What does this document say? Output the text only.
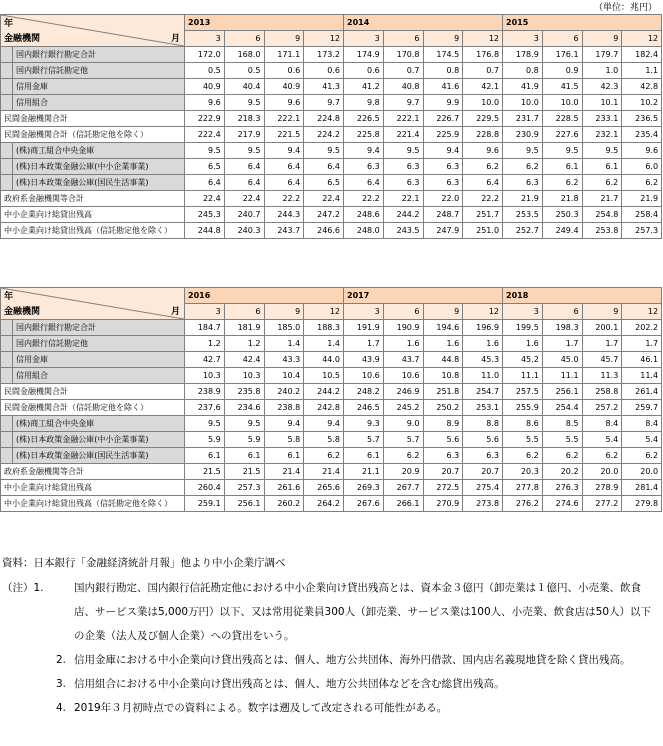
（単位：兆円）
年
金融機関 月		2013				2014				2015			
		3	6	9	12	3	6	9	12	3	6	9	12
	国内銀行銀行勘定合計	172.0	168.0	171.1	173.2	174.9	170.8	174.5	176.8	178.9	176.1	179.7	182.4
	国内銀行信託勘定他	0.5	0.5	0.6	0.6	0.6	0.7	0.8	0.7	0.8	0.9	1.0	1.1
	信用金庫	40.9	40.4	40.9	41.3	41.2	40.8	41.6	42.1	41.9	41.5	42.3	42.8
	信用組合	9.6	9.5	9.6	9.7	9.8	9.7	9.9	10.0	10.0	10.0	10.1	10.2
民間金融機関合計		222.9	218.3	222.1	224.8	226.5	222.1	226.7	229.5	231.7	228.5	233.1	236.5
民間金融機関合計（信託勘定他を除く）		222.4	217.9	221.5	224.2	225.8	221.4	225.9	228.8	230.9	227.6	232.1	235.4
	(株)商工組合中央金庫	9.5	9.5	9.4	9.5	9.4	9.5	9.4	9.6	9.5	9.5	9.5	9.6
	(株)日本政策金融公庫(中小企業事業)	6.5	6.4	6.4	6.4	6.3	6.3	6.3	6.2	6.2	6.1	6.1	6.0
	(株)日本政策金融公庫(国民生活事業)	6.4	6.4	6.4	6.5	6.4	6.3	6.3	6.4	6.3	6.2	6.2	6.2
政府系金融機関等合計		22.4	22.4	22.2	22.4	22.2	22.1	22.0	22.2	21.9	21.8	21.7	21.9
中小企業向け総貸出残高		245.3	240.7	244.3	247.2	248.6	244.2	248.7	251.7	253.5	250.3	254.8	258.4
中小企業向け総貸出残高（信託勘定他を除く）		244.8	240.3	243.7	246.6	248.0	243.5	247.9	251.0	252.7	249.4	253.8	257.3
年
金融機関 月		2016				2017				2018			
		3	6	9	12	3	6	9	12	3	6	9	12
	国内銀行銀行勘定合計	184.7	181.9	185.0	188.3	191.9	190.9	194.6	196.9	199.5	198.3	200.1	202.2
	国内銀行信託勘定他	1.2	1.2	1.4	1.4	1.7	1.6	1.6	1.6	1.6	1.7	1.7	1.7
	信用金庫	42.7	42.4	43.3	44.0	43.9	43.7	44.8	45.3	45.2	45.0	45.7	46.1
	信用組合	10.3	10.3	10.4	10.5	10.6	10.6	10.8	11.0	11.1	11.1	11.3	11.4
民間金融機関合計		238.9	235.8	240.2	244.2	248.2	246.9	251.8	254.7	257.5	256.1	258.8	261.4
民間金融機関合計（信託勘定他を除く）		237.6	234.6	238.8	242.8	246.5	245.2	250.2	253.1	255.9	254.4	257.2	259.7
	(株)商工組合中央金庫	9.5	9.5	9.4	9.4	9.3	9.0	8.9	8.8	8.6	8.5	8.4	8.4
	(株)日本政策金融公庫(中小企業事業)	5.9	5.9	5.8	5.8	5.7	5.7	5.6	5.6	5.5	5.5	5.4	5.4
	(株)日本政策金融公庫(国民生活事業)	6.1	6.1	6.1	6.2	6.1	6.2	6.3	6.3	6.2	6.2	6.2	6.2
政府系金融機関等合計		21.5	21.5	21.4	21.4	21.1	20.9	20.7	20.7	20.3	20.2	20.0	20.0
中小企業向け総貸出残高		260.4	257.3	261.6	265.6	269.3	267.7	272.5	275.4	277.8	276.3	278.9	281.4
中小企業向け総貸出残高（信託勘定他を除く）		259.1	256.1	260.2	264.2	267.6	266.1	270.9	273.8	276.2	274.6	277.2	279.8
資料：日本銀行「金融経済統計月報」他より中小企業庁調べ
（注）1.	国内銀行勘定、国内銀行信託勘定他における中小企業向け貸出残高とは、資本金３億円（卸売業は１億円、小売業、飲食店、サービス業は5,000万円）以下、又は常用従業員300人（卸売業、サービス業は100人、小売業、飲食店は50人）以下の企業（法人及び個人企業）への貸出をいう。
2. 信用金庫における中小企業向け貸出残高とは、個人、地方公共団体、海外円借款、国内店名義現地貸を除く貸出残高。
3. 信用組合における中小企業向け貸出残高とは、個人、地方公共団体などを含む総貸出残高。
4. 2019年３月初時点での資料による。数字は遡及して改定される可能性がある。
